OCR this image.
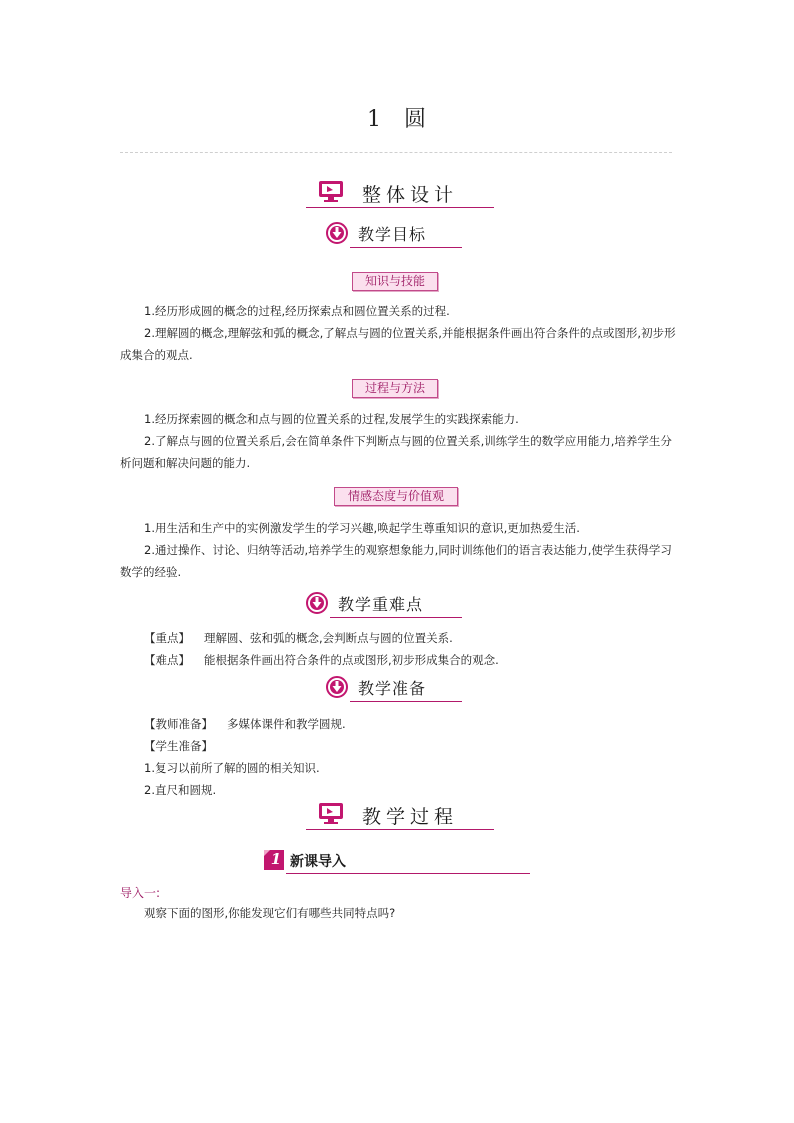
1 圆
整体设计
教学目标
知识与技能

1.经历形成圆的概念的过程,经历探索点和圆位置关系的过程.

2.理解圆的概念,理解弦和弧的概念,了解点与圆的位置关系,并能根据条件画出符合条件的点或图形,初步形成集合的观点.

过程与方法

1.经历探索圆的概念和点与圆的位置关系的过程,发展学生的实践探索能力.

2.了解点与圆的位置关系后,会在简单条件下判断点与圆的位置关系,训练学生的数学应用能力,培养学生分析问题和解决问题的能力.

情感态度与价值观

1.用生活和生产中的实例激发学生的学习兴趣,唤起学生尊重知识的意识,更加热爱生活.

2.通过操作、讨论、归纳等活动,培养学生的观察想象能力,同时训练他们的语言表达能力,使学生获得学习数学的经验.

教学重难点
【重点】 理解圆、弦和弧的概念,会判断点与圆的位置关系.
【难点】 能根据条件画出符合条件的点或图形,初步形成集合的观念.
教学准备
【教师准备】 多媒体课件和教学圆规.
【学生准备】
1.复习以前所了解的圆的相关知识.
2.直尺和圆规.
教学过程
1 新课导入
导入一:
观察下面的图形,你能发现它们有哪些共同特点吗?
